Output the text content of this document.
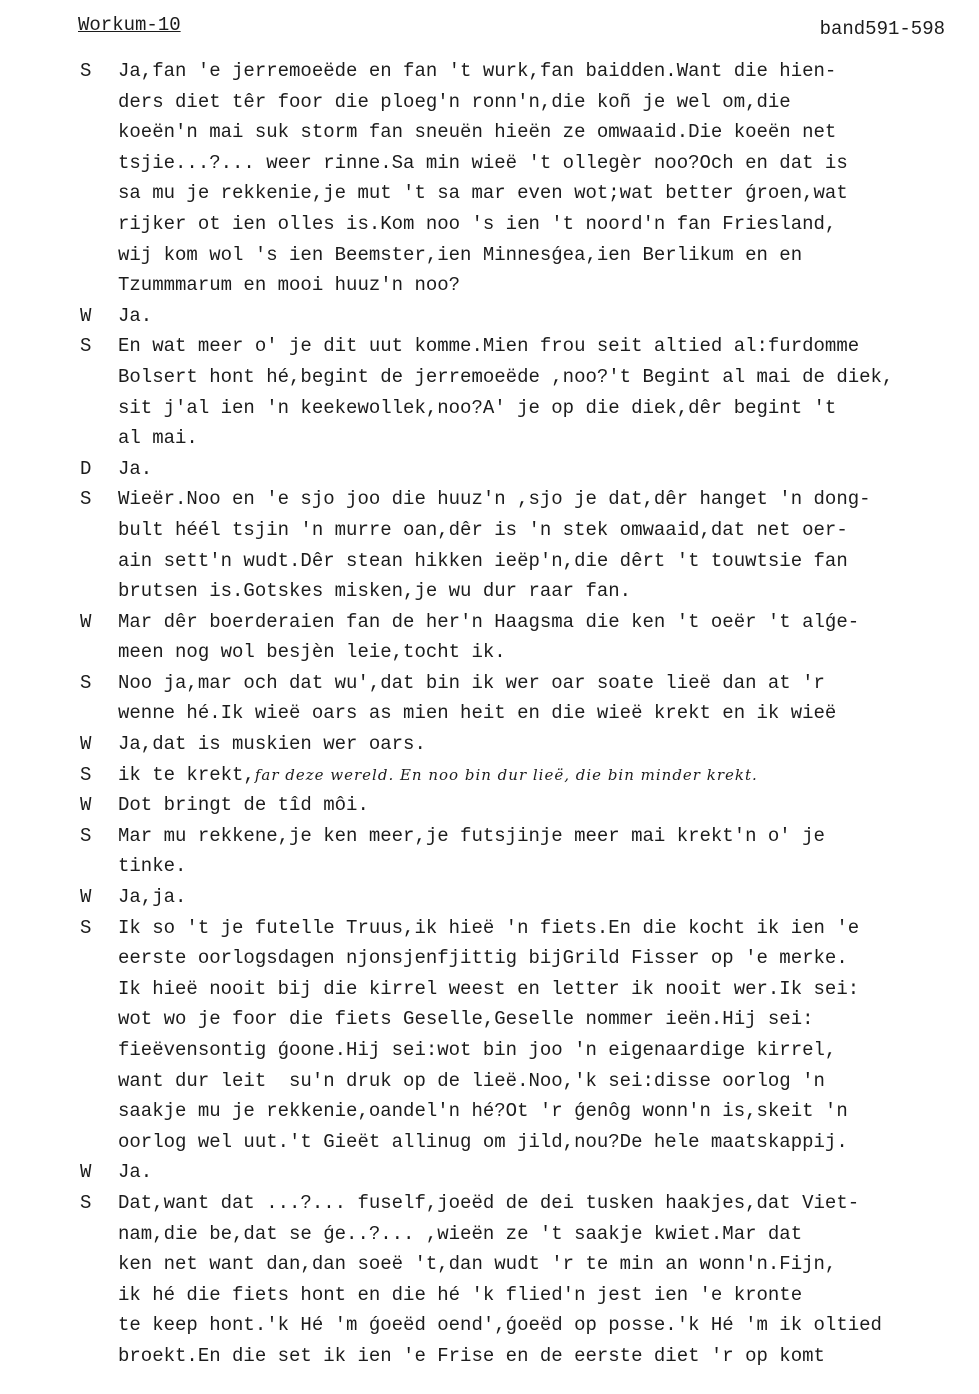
Workum-10	band591-598
S Ja,fan 'e jerremoeëde en fan 't wurk,fan baidden.Want die hien-
ders diet têr foor die ploeg'n ronn'n,die koñ je wel om,die
koeën'n mai suk storm fan sneuën hieën ze omwaaid.Die koeën net
tsjie...?... weer rinne.Sa min wieë 't ollegèr noo?Och en dat is
sa mu je rekkenie,je mut 't sa mar even wot;wat better ǵroen,wat
rijker ot ien olles is.Kom noo 's ien 't noord'n fan Friesland,
wij kom wol 's ien Beemster,ien Minnesǵea,ien Berlikum en en
Tzummmarum en mooi huuz'n noo?
W Ja.
S En wat meer o' je dit uut komme.Mien frou seit altied al:furdomme
Bolsert hont hé,begint de jerremoeëde ,noo?'t Begint al mai de diek,
sit j'al ien 'n keekewollek,noo?A' je op die diek,dêr begint 't
al mai.
D Ja.
S Wieër.Noo en 'e sjo joo die huuz'n ,sjo je dat,dêr hanget 'n dong-
bult héél tsjin 'n murre oan,dêr is 'n stek omwaaid,dat net oer-
ain sett'n wudt.Dêr stean hikken ieëp'n,die dêrt 't touwtsie fan
brutsen is.Gotskes misken,je wu dur raar fan.
W Mar dêr boerderaien fan de her'n Haagsma die ken 't oeër 't alǵe-
meen nog wol besjèn leie,tocht ik.
S Noo ja,mar och dat wu',dat bin ik wer oar soate lieë dan at 'r
wenne hé.Ik wieë oars as mien heit en die wieë krekt en ik wieë
W Ja,dat is muskien wer oars.
S ik te krekt,far deze wereld. En noo bin dur lieë, die bin minder krekt.
W Dot bringt de tîd môi.
S Mar mu rekkene,je ken meer,je futsjinje meer mai krekt'n o' je
tinke.
W Ja,ja.
S Ik so 't je futelle Truus,ik hieë 'n fiets.En die kocht ik ien 'e
eerste oorlogsdagen njonsjenfjittig bijGrild Fisser op 'e merke.
Ik hieë nooit bij die kirrel weest en letter ik nooit wer.Ik sei:
wot wo je foor die fiets Geselle,Geselle nommer ieën.Hij sei:
fieëvensontig ǵoone.Hij sei:wot bin joo 'n eigenaardige kirrel,
want dur leit  su'n druk op de lieë.Noo,'k sei:disse oorlog 'n
saakje mu je rekkenie,oandel'n hé?Ot 'r ǵenôg wonn'n is,skeit 'n
oorlog wel uut.'t Gieët allinug om jild,nou?De hele maatskappij.
W Ja.
S Dat,want dat ...?... fuself,joeëd de dei tusken haakjes,dat Viet-
nam,die be,dat se ǵe..?... ,wieën ze 't saakje kwiet.Mar dat
ken net want dan,dan soeë 't,dan wudt 'r te min an wonn'n.Fijn,
ik hé die fiets hont en die hé 'k flied'n jest ien 'e kronte
te keep hont.'k Hé 'm ǵoeëd oend',ǵoeëd op posse.'k Hé 'm ik oltied
broekt.En die set ik ien 'e Frise en de eerste diet 'r op komt
